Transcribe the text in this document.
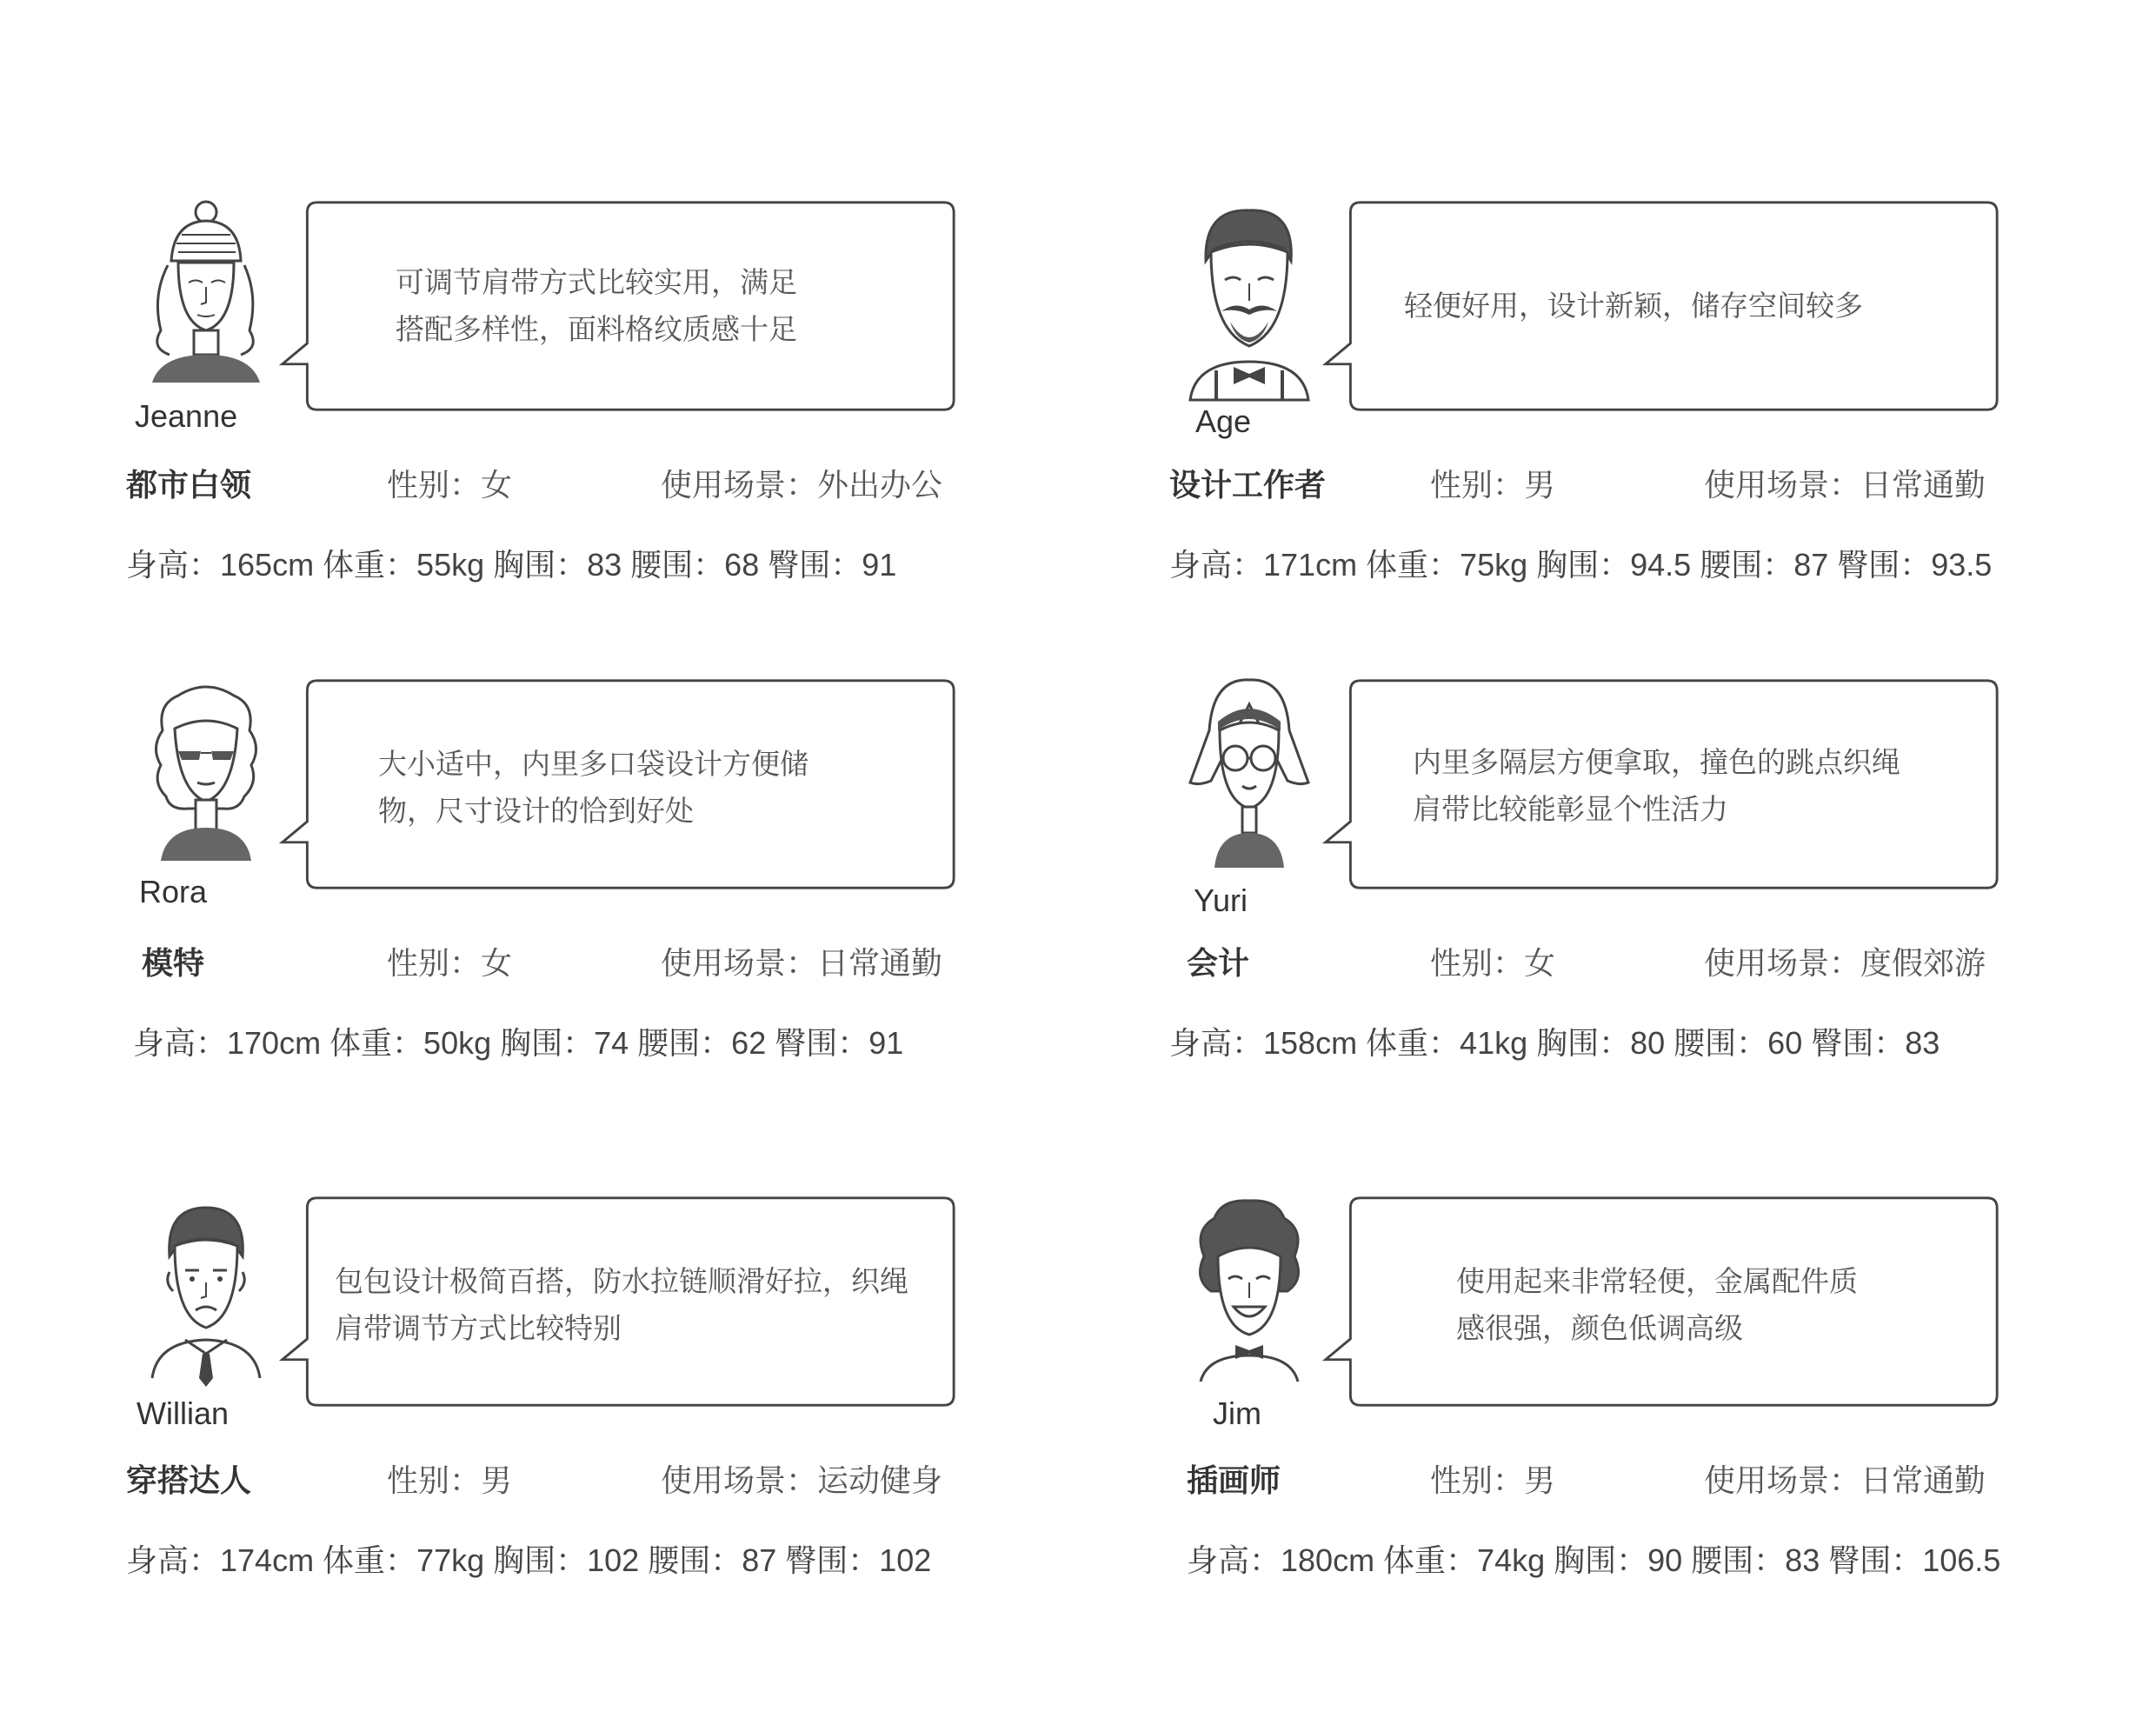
Jeanne
可调节肩带方式比较实用，满足
搭配多样性，面料格纹质感十足
都市白领	性别：女	使用场景：外出办公
身高：165cm 体重：55kg 胸围：83 腰围：68 臀围：91
Age
轻便好用，设计新颖，储存空间较多
设计工作者	性别：男	使用场景：日常通勤
身高：171cm 体重：75kg 胸围：94.5 腰围：87 臀围：93.5
Rora
大小适中，内里多口袋设计方便储
物，尺寸设计的恰到好处
模特	性别：女	使用场景：日常通勤
身高：170cm 体重：50kg 胸围：74 腰围：62 臀围：91
Yuri
内里多隔层方便拿取，撞色的跳点织绳
肩带比较能彰显个性活力
会计	性别：女	使用场景：度假郊游
身高：158cm 体重：41kg 胸围：80 腰围：60 臀围：83
Willian
包包设计极简百搭，防水拉链顺滑好拉，织绳
肩带调节方式比较特别
穿搭达人	性别：男	使用场景：运动健身
身高：174cm 体重：77kg 胸围：102 腰围：87 臀围：102
Jim
使用起来非常轻便，金属配件质
感很强，颜色低调高级
插画师	性别：男	使用场景：日常通勤
身高：180cm 体重：74kg 胸围：90 腰围：83 臀围：106.5
